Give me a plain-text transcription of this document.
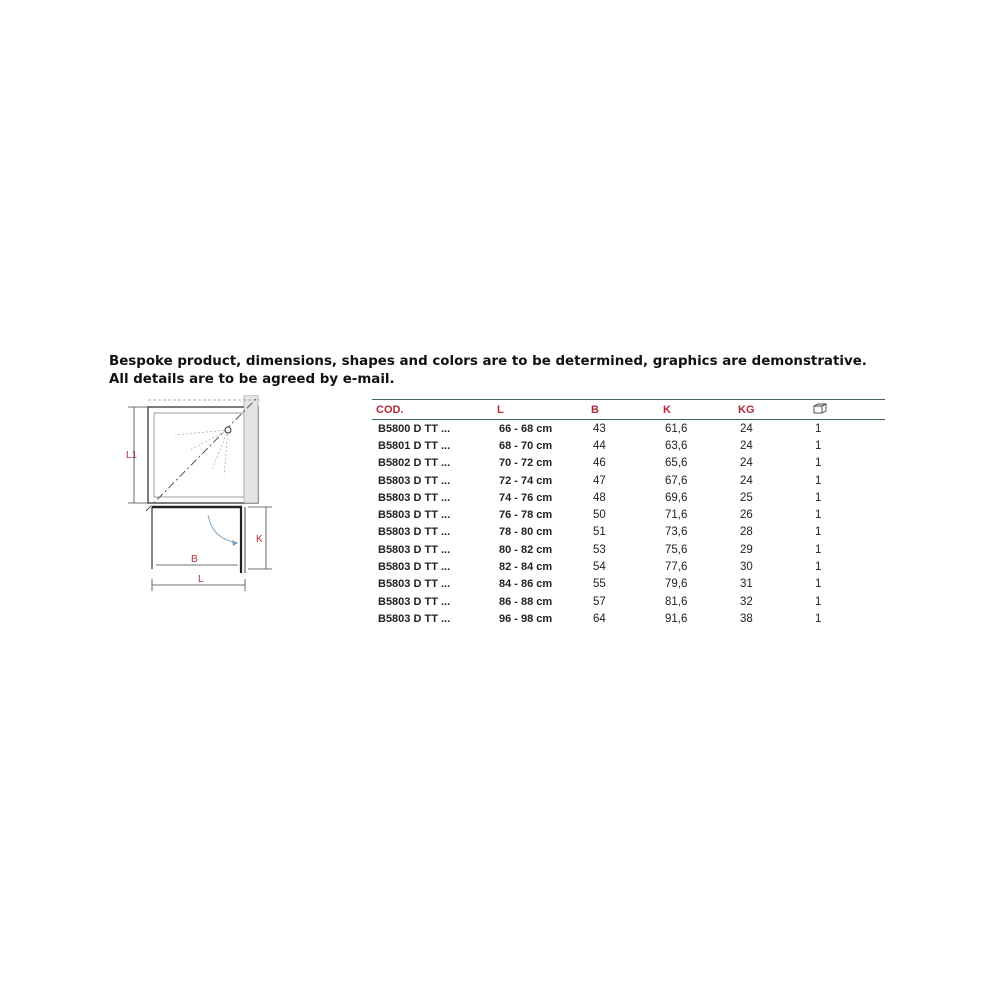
Bespoke product, dimensions, shapes and colors are to be determined, graphics are demonstrative. All details are to be agreed by e-mail.

L1
K
B
L
COD.	L	B	K	KG	
B5800 D TT ...	66 - 68 cm	43	61,6	24	1
B5801 D TT ...	68 - 70 cm	44	63,6	24	1
B5802 D TT ...	70 - 72 cm	46	65,6	24	1
B5803 D TT ...	72 - 74 cm	47	67,6	24	1
B5803 D TT ...	74 - 76 cm	48	69,6	25	1
B5803 D TT ...	76 - 78 cm	50	71,6	26	1
B5803 D TT ...	78 - 80 cm	51	73,6	28	1
B5803 D TT ...	80 - 82 cm	53	75,6	29	1
B5803 D TT ...	82 - 84 cm	54	77,6	30	1
B5803 D TT ...	84 - 86 cm	55	79,6	31	1
B5803 D TT ...	86 - 88 cm	57	81,6	32	1
B5803 D TT ...	96 - 98 cm	64	91,6	38	1
